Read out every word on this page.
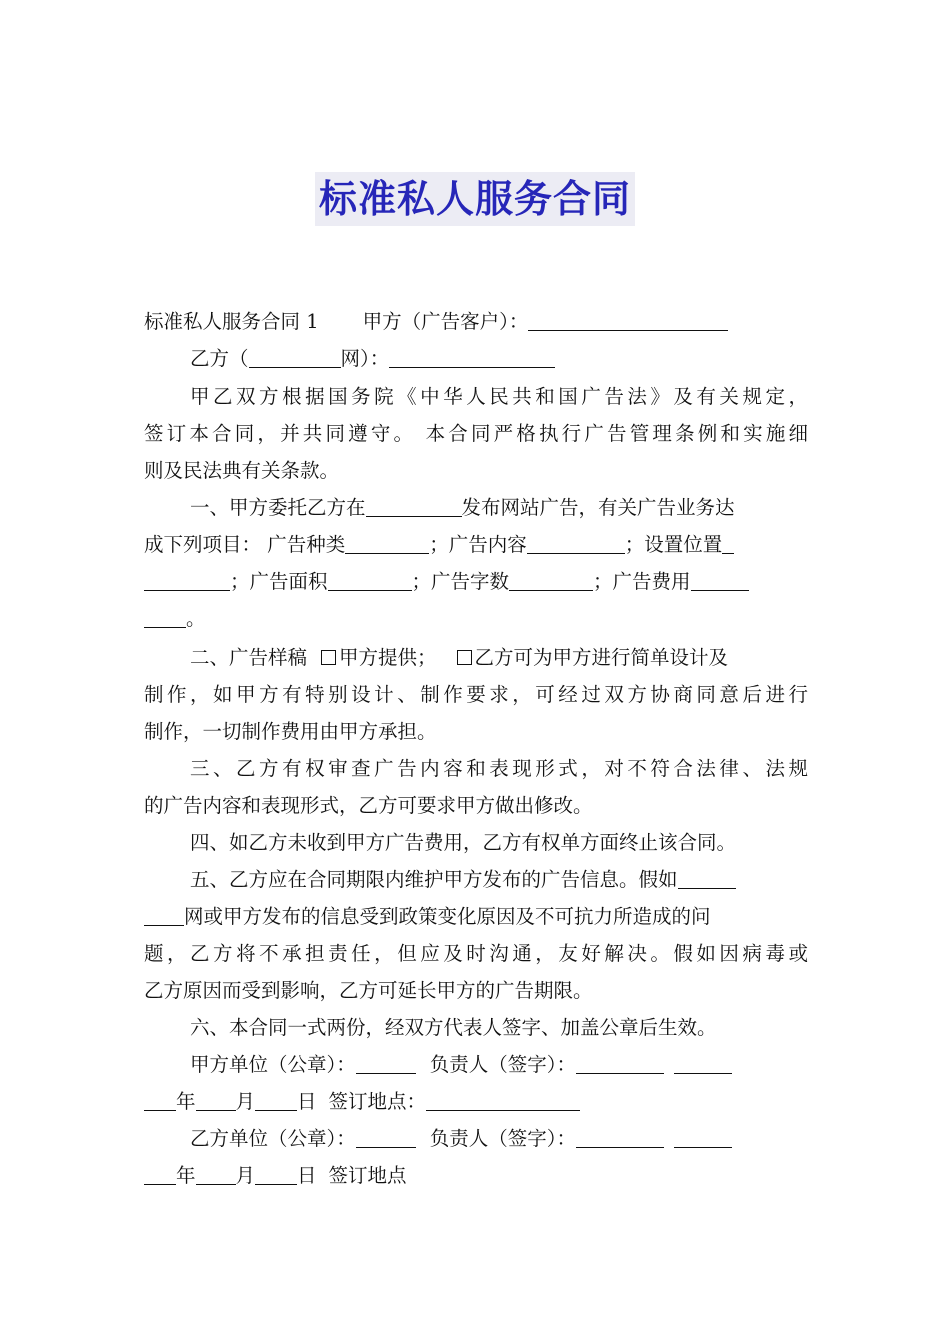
标准私人服务合同
标准私人服务合同 1 甲方（广告客户）：
乙方（	网）：
甲乙双方根据国务院《中华人民共和国广告法》及有关规定，
签订本合同，并共同遵守。 本合同严格执行广告管理条例和实施细
则及民法典有关条款。
一、甲方委托乙方在	发布网站广告，有关广告业务达
成下列项目： 广告种类	；广告内容	；设置位置
；广告面积	；广告字数	；广告费用
。
二、广告样稿 甲方提供； 乙方可为甲方进行简单设计及
制作，如甲方有特别设计、制作要求，可经过双方协商同意后进行
制作，一切制作费用由甲方承担。
三、乙方有权审查广告内容和表现形式，对不符合法律、法规
的广告内容和表现形式，乙方可要求甲方做出修改。
四、如乙方未收到甲方广告费用，乙方有权单方面终止该合同。
五、乙方应在合同期限内维护甲方发布的广告信息。假如
网或甲方发布的信息受到政策变化原因及不可抗力所造成的问
题，乙方将不承担责任，但应及时沟通，友好解决。假如因病毒或
乙方原因而受到影响，乙方可延长甲方的广告期限。
六、本合同一式两份，经双方代表人签字、加盖公章后生效。
甲方单位（公章）：	负责人（签字）：
年 月 日 签订地点：
乙方单位（公章）：	负责人（签字）：
年 月 日 签订地点
